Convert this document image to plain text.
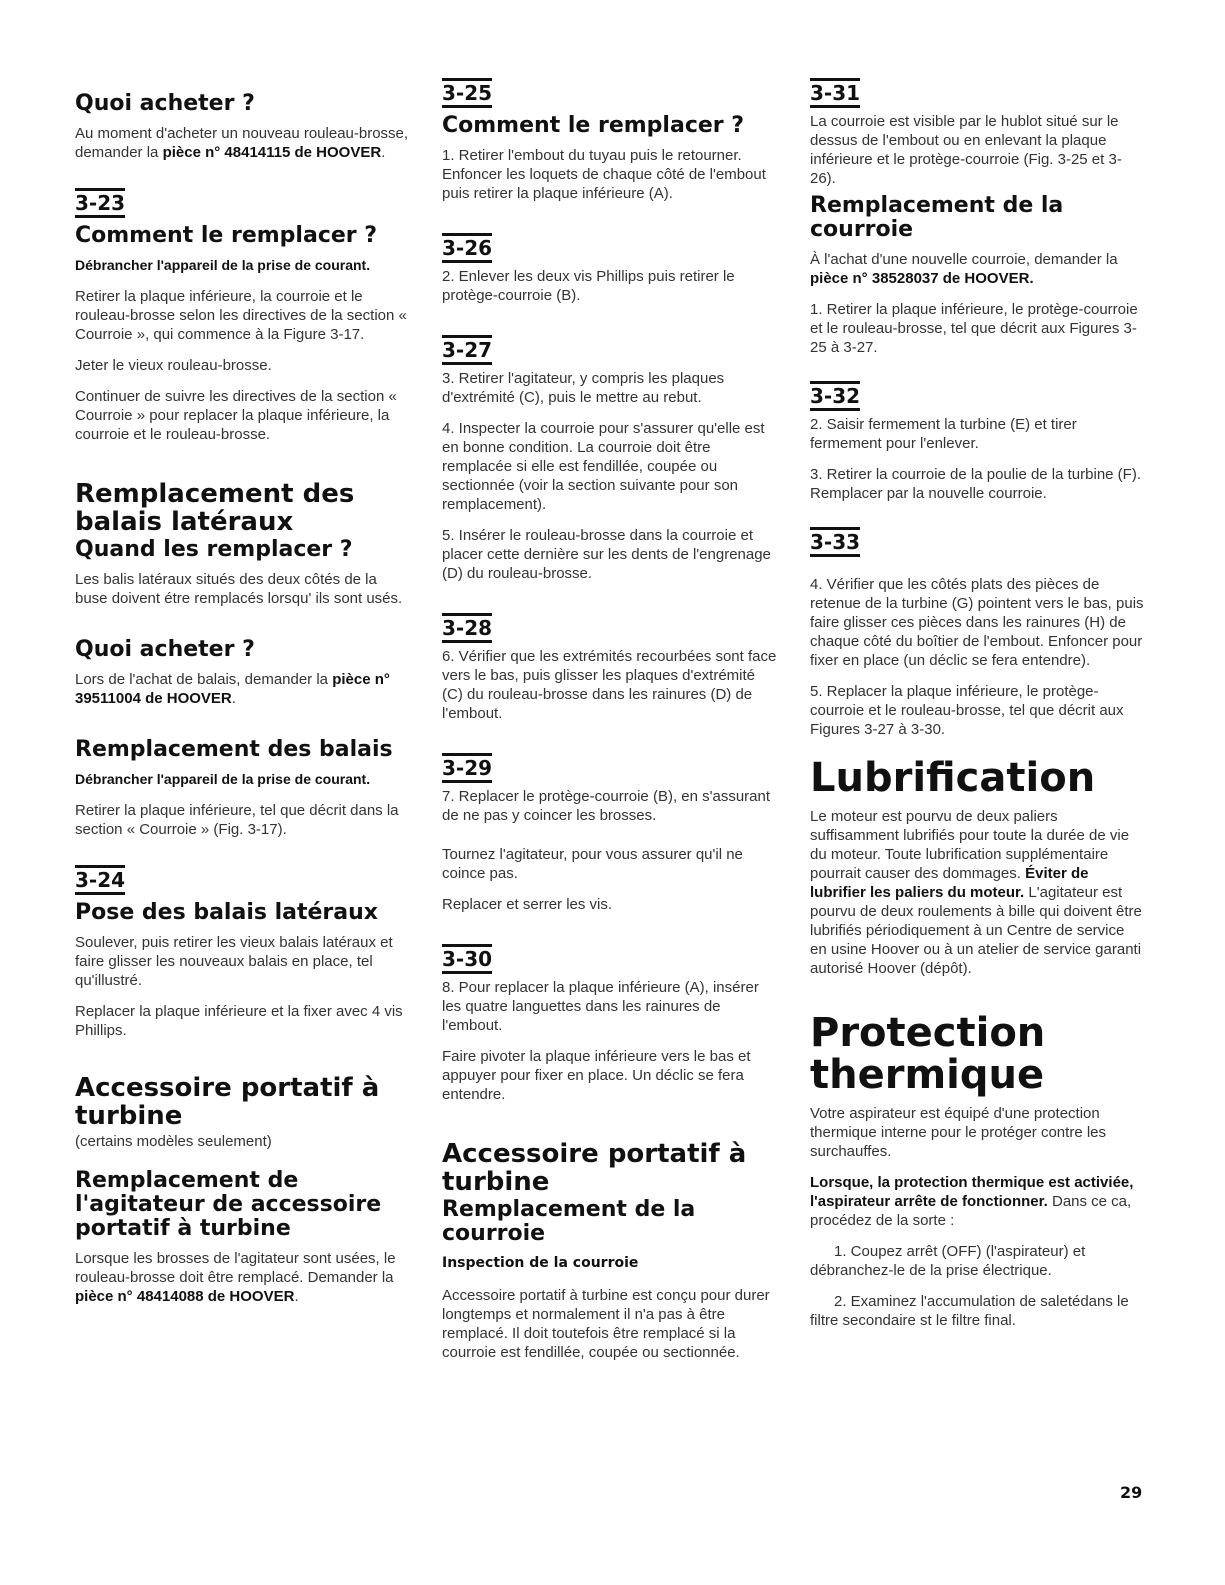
Quoi acheter ?

Au moment d'acheter un nouveau rouleau-brosse, demander la pièce n° 48414115 de HOOVER.

3-23
Comment le remplacer ?

Débrancher l'appareil de la prise de courant.

Retirer la plaque inférieure, la courroie et le rouleau-brosse selon les directives de la section « Courroie », qui commence à la Figure 3-17.

Jeter le vieux rouleau-brosse.

Continuer de suivre les directives de la section « Courroie » pour replacer la plaque inférieure, la courroie et le rouleau-brosse.

Remplacement des balais latéraux
Quand les remplacer ?

Les balis latéraux situés des deux côtés de la buse doivent étre remplacés lorsqu' ils sont usés.

Quoi acheter ?

Lors de l'achat de balais, demander la pièce n° 39511004 de HOOVER.

Remplacement des balais

Débrancher l'appareil de la prise de courant.

Retirer la plaque inférieure, tel que décrit dans la section « Courroie » (Fig. 3-17).

3-24
Pose des balais latéraux

Soulever, puis retirer les vieux balais latéraux et faire glisser les nouveaux balais en place, tel qu'illustré.

Replacer la plaque inférieure et la fixer avec 4 vis Phillips.

Accessoire portatif à turbine

(certains modèles seulement)

Remplacement de l'agitateur de accessoire portatif à turbine

Lorsque les brosses de l'agitateur sont usées, le rouleau-brosse doit être remplacé. Demander la pièce n° 48414088 de HOOVER.

3-25
Comment le remplacer ?

1. Retirer l'embout du tuyau puis le retourner. Enfoncer les loquets de chaque côté de l'embout puis retirer la plaque inférieure (A).

3-26

2. Enlever les deux vis Phillips puis retirer le protège-courroie (B).

3-27

3. Retirer l'agitateur, y compris les plaques d'extrémité (C), puis le mettre au rebut.

4. Inspecter la courroie pour s'assurer qu'elle est en bonne condition. La courroie doit être remplacée si elle est fendillée, coupée ou sectionnée (voir la section suivante pour son remplacement).

5. Insérer le rouleau-brosse dans la courroie et placer cette dernière sur les dents de l'engrenage (D) du rouleau-brosse.

3-28

6. Vérifier que les extrémités recourbées sont face vers le bas, puis glisser les plaques d'extrémité (C) du rouleau-brosse dans les rainures (D) de l'embout.

3-29

7. Replacer le protège-courroie (B), en s'assurant de ne pas y coincer les brosses.

Tournez l'agitateur, pour vous assurer qu'il ne coince pas.

Replacer et serrer les vis.

3-30

8. Pour replacer la plaque inférieure (A), insérer les quatre languettes dans les rainures de l'embout.

Faire pivoter la plaque inférieure vers le bas et appuyer pour fixer en place. Un déclic se fera entendre.

Accessoire portatif à turbine
Remplacement de la courroie
Inspection de la courroie

Accessoire portatif à turbine est conçu pour durer longtemps et normalement il n'a pas à être remplacé. Il doit toutefois être remplacé si la courroie est fendillée, coupée ou sectionnée.

3-31

La courroie est visible par le hublot situé sur le dessus de l'embout ou en enlevant la plaque inférieure et le protège-courroie (Fig. 3-25 et 3-26).

Remplacement de la courroie

À l'achat d'une nouvelle courroie, demander la pièce n° 38528037 de HOOVER.

1. Retirer la plaque inférieure, le protège-courroie et le rouleau-brosse, tel que décrit aux Figures 3-25 à 3-27.

3-32

2. Saisir fermement la turbine (E) et tirer fermement pour l'enlever.

3. Retirer la courroie de la poulie de la turbine (F). Remplacer par la nouvelle courroie.

3-33

4. Vérifier que les côtés plats des pièces de retenue de la turbine (G) pointent vers le bas, puis faire glisser ces pièces dans les rainures (H) de chaque côté du boîtier de l'embout. Enfoncer pour fixer en place (un déclic se fera entendre).

5. Replacer la plaque inférieure, le protège-courroie et le rouleau-brosse, tel que décrit aux Figures 3-27 à 3-30.

Lubrification

Le moteur est pourvu de deux paliers suffisamment lubrifiés pour toute la durée de vie du moteur. Toute lubrification supplémentaire pourrait causer des dommages. Éviter de lubrifier les paliers du moteur. L'agitateur est pourvu de deux roulements à bille qui doivent être lubrifiés périodiquement à un Centre de service en usine Hoover ou à un atelier de service garanti autorisé Hoover (dépôt).

Protection thermique

Votre aspirateur est équipé d'une protection thermique interne pour le protéger contre les surchauffes.

Lorsque, la protection thermique est activiée, l'aspirateur arrête de fonctionner. Dans ce ca, procédez de la sorte :

1. Coupez arrêt (OFF) (l'aspirateur) et débranchez-le de la prise électrique.

2. Examinez l'accumulation de saletédans le filtre secondaire st le filtre final.

29
